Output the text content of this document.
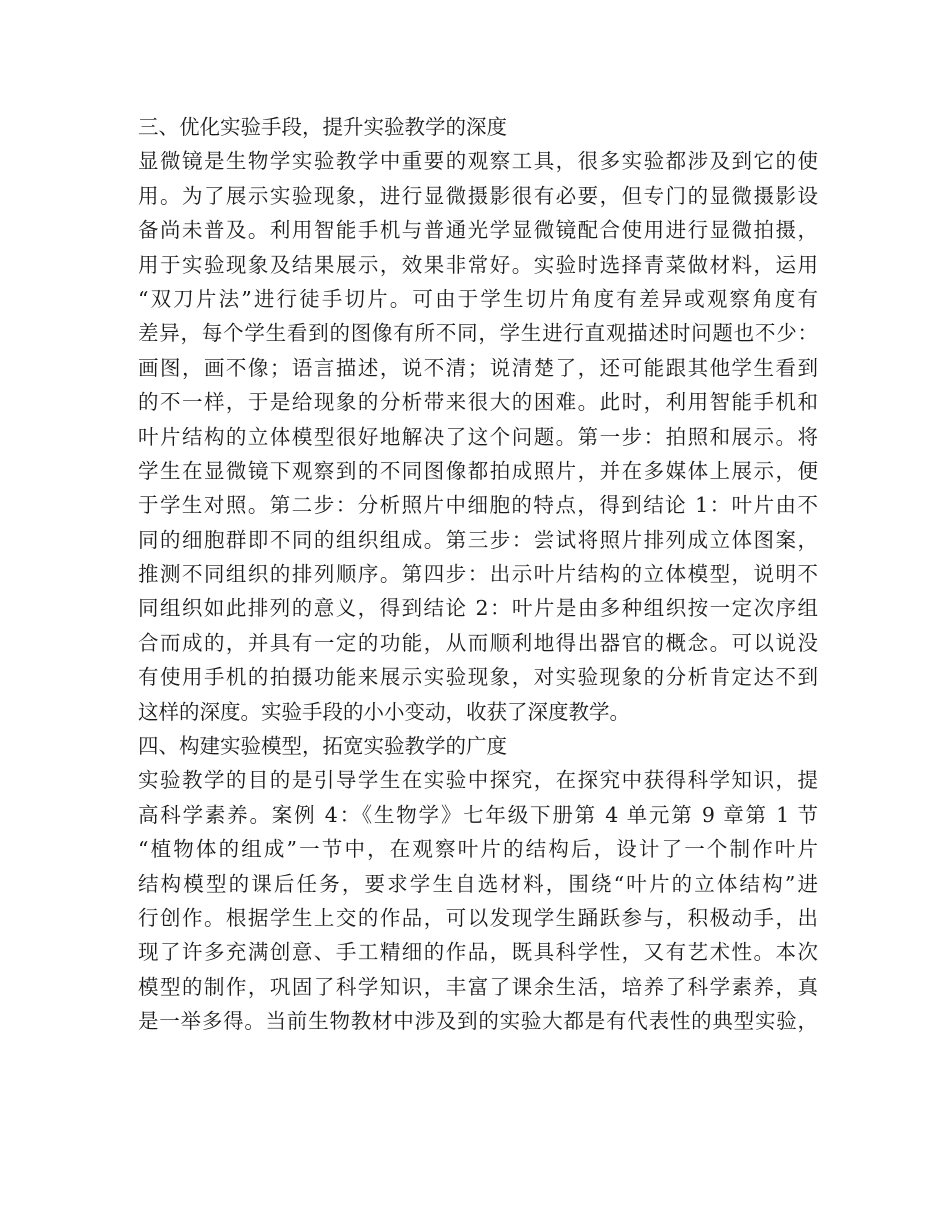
三、优化实验手段，提升实验教学的深度
显微镜是生物学实验教学中重要的观察工具，很多实验都涉及到它的使
用。为了展示实验现象，进行显微摄影很有必要，但专门的显微摄影设
备尚未普及。利用智能手机与普通光学显微镜配合使用进行显微拍摄，
用于实验现象及结果展示，效果非常好。实验时选择青菜做材料，运用
“双刀片法”进行徒手切片。可由于学生切片角度有差异或观察角度有
差异，每个学生看到的图像有所不同，学生进行直观描述时问题也不少：
画图，画不像；语言描述，说不清；说清楚了，还可能跟其他学生看到
的不一样，于是给现象的分析带来很大的困难。此时，利用智能手机和
叶片结构的立体模型很好地解决了这个问题。第一步：拍照和展示。将
学生在显微镜下观察到的不同图像都拍成照片，并在多媒体上展示，便
于学生对照。第二步：分析照片中细胞的特点，得到结论 1：叶片由不
同的细胞群即不同的组织组成。第三步：尝试将照片排列成立体图案，
推测不同组织的排列顺序。第四步：出示叶片结构的立体模型，说明不
同组织如此排列的意义，得到结论 2：叶片是由多种组织按一定次序组
合而成的，并具有一定的功能，从而顺利地得出器官的概念。可以说没
有使用手机的拍摄功能来展示实验现象，对实验现象的分析肯定达不到
这样的深度。实验手段的小小变动，收获了深度教学。
四、构建实验模型，拓宽实验教学的广度
实验教学的目的是引导学生在实验中探究，在探究中获得科学知识，提
高科学素养。案例 4：《生物学》七年级下册第 4 单元第 9 章第 1 节
“植物体的组成”一节中，在观察叶片的结构后，设计了一个制作叶片
结构模型的课后任务，要求学生自选材料，围绕“叶片的立体结构”进
行创作。根据学生上交的作品，可以发现学生踊跃参与，积极动手，出
现了许多充满创意、手工精细的作品，既具科学性，又有艺术性。本次
模型的制作，巩固了科学知识，丰富了课余生活，培养了科学素养，真
是一举多得。当前生物教材中涉及到的实验大都是有代表性的典型实验，
